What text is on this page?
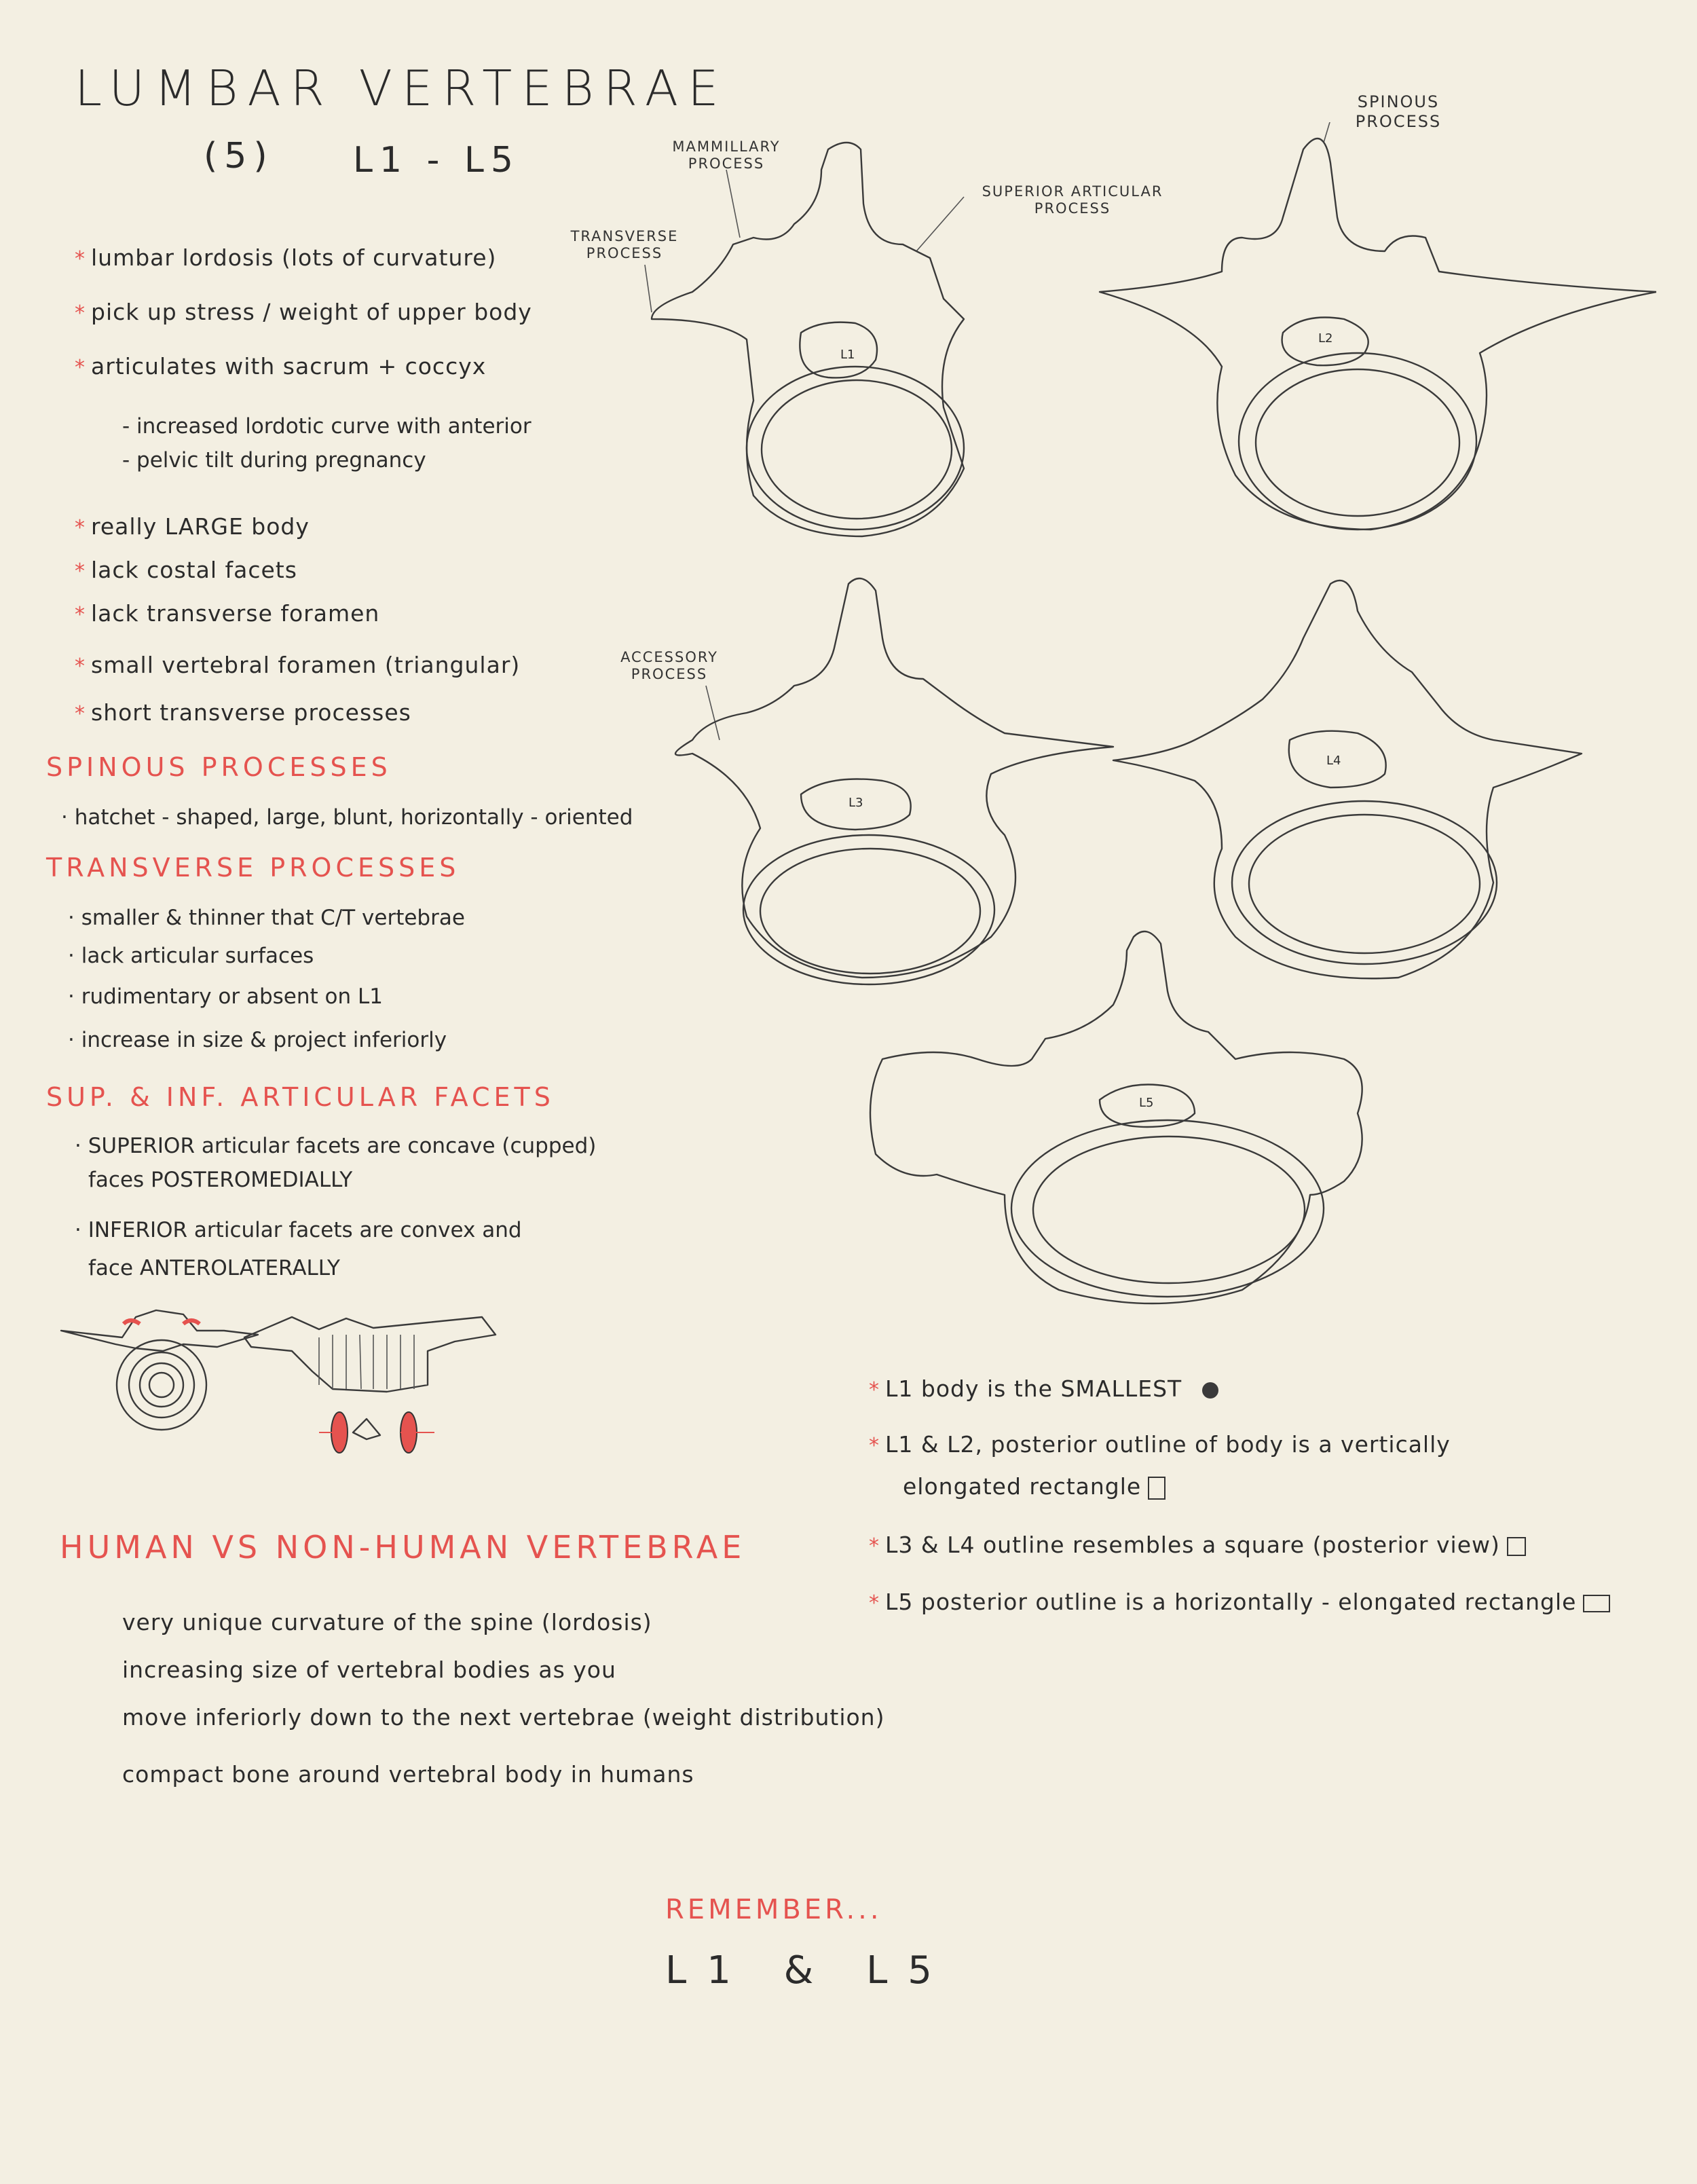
LUMBAR VERTEBRAE
(5) L1 - L5
* lumbar lordosis (lots of curvature)
* pick up stress / weight of upper body
* articulates with sacrum + coccyx
- increased lordotic curve with anterior
- pelvic tilt during pregnancy
* really LARGE body
* lack costal facets
* lack transverse foramen
* small vertebral foramen (triangular)
* short transverse processes
SPINOUS PROCESSES
· hatchet - shaped, large, blunt, horizontally - oriented
TRANSVERSE PROCESSES
· smaller & thinner that C/T vertebrae
· lack articular surfaces
· rudimentary or absent on L1
· increase in size & project inferiorly
SUP. & INF. ARTICULAR FACETS
· SUPERIOR articular facets are concave (cupped)
faces POSTEROMEDIALLY
· INFERIOR articular facets are convex and
face ANTEROLATERALLY
MAMMILLARY PROCESS
SUPERIOR ARTICULAR PROCESS
TRANSVERSE PROCESS
SPINOUS PROCESS
ACCESSORY PROCESS
L1
L2
L3
L4
L5
* L1 body is the SMALLEST
* L1 & L2, posterior outline of body is a vertically
elongated rectangle
* L3 & L4 outline resembles a square (posterior view)
* L5 posterior outline is a horizontally - elongated rectangle
HUMAN VS NON-HUMAN VERTEBRAE
very unique curvature of the spine (lordosis)
increasing size of vertebral bodies as you
move inferiorly down to the next vertebrae (weight distribution)
compact bone around vertebral body in humans
REMEMBER...
L1 & L5
